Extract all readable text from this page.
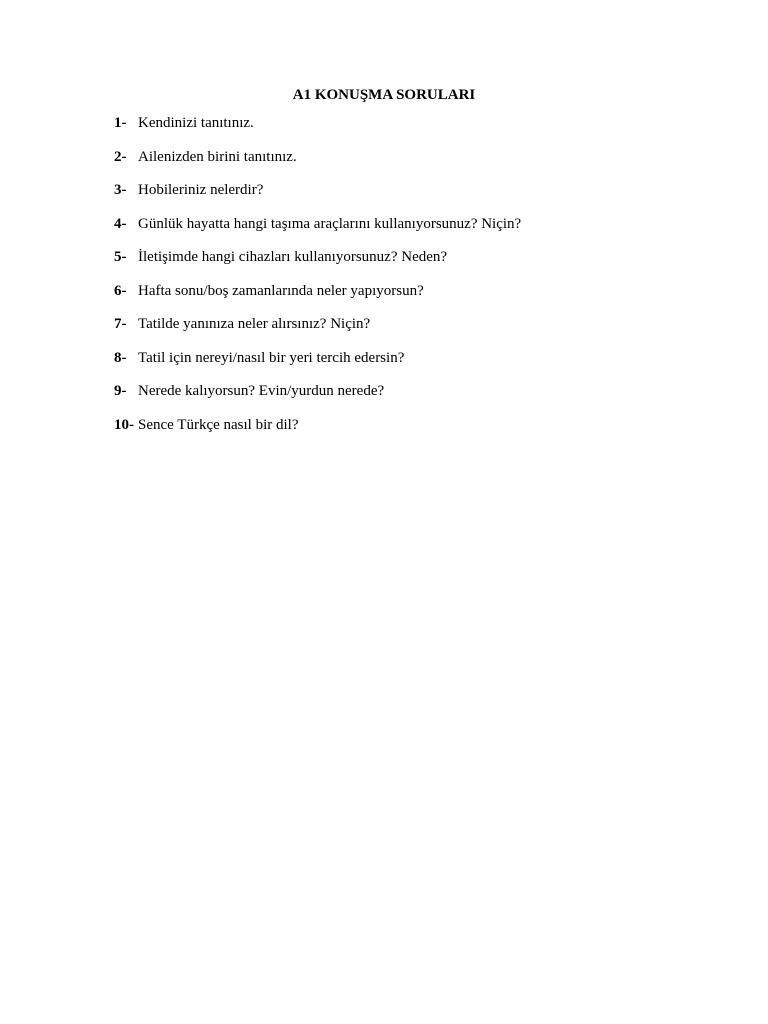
A1 KONUŞMA SORULARI
1- Kendinizi tanıtınız.
2- Ailenizden birini tanıtınız.
3- Hobileriniz nelerdir?
4- Günlük hayatta hangi taşıma araçlarını kullanıyorsunuz? Niçin?
5- İletişimde hangi cihazları kullanıyorsunuz? Neden?
6- Hafta sonu/boş zamanlarında neler yapıyorsun?
7- Tatilde yanınıza neler alırsınız? Niçin?
8- Tatil için nereyi/nasıl bir yeri tercih edersin?
9- Nerede kalıyorsun? Evin/yurdun nerede?
10- Sence Türkçe nasıl bir dil?
